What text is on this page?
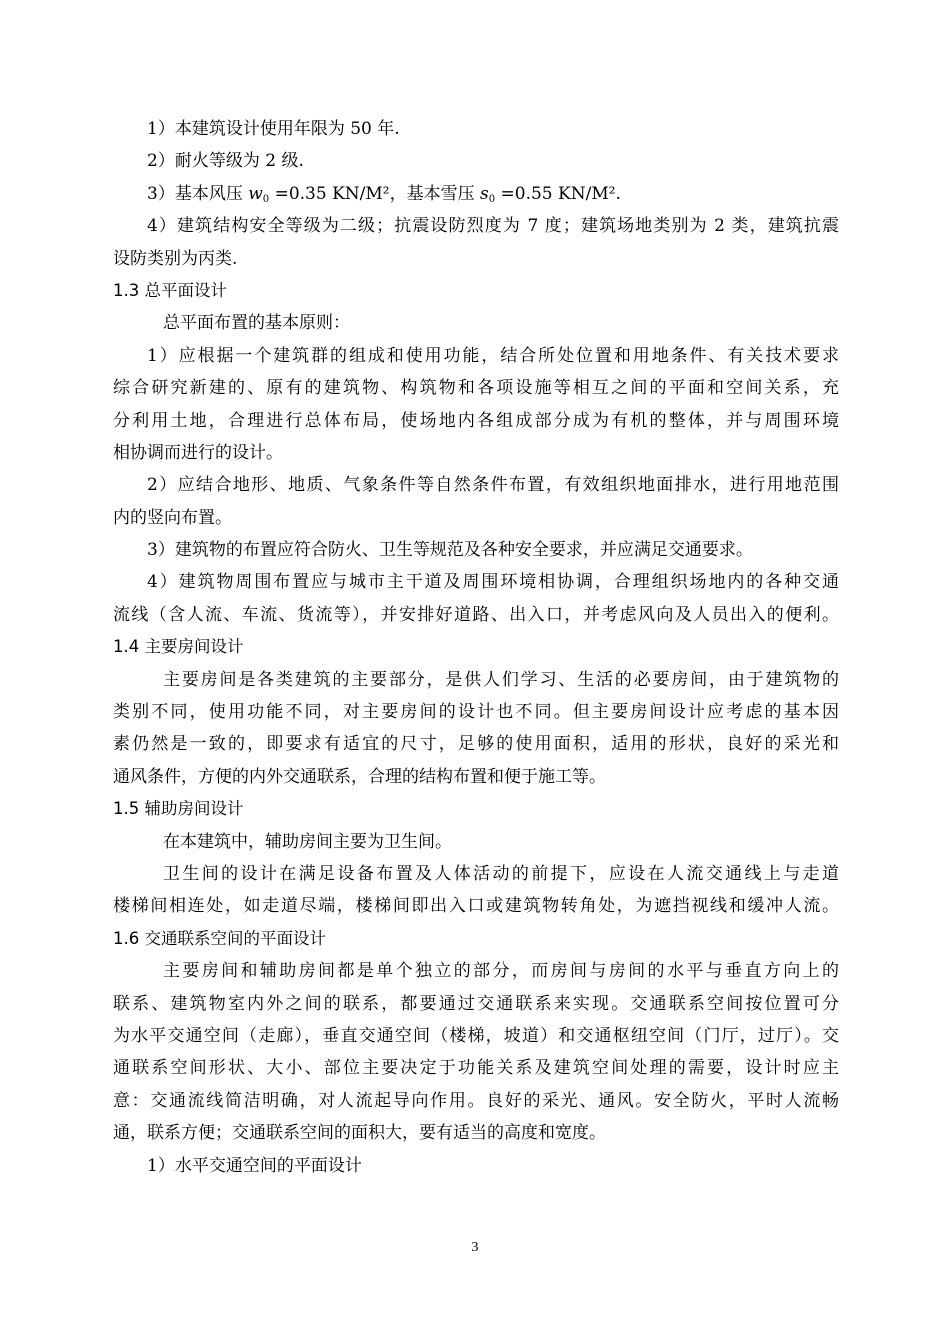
1）本建筑设计使用年限为 50 年.
2）耐火等级为 2 级.
3）基本风压 $w_0 =0.35$ KN/M²，基本雪压 $s_0 =0.55$ KN/M².
4）建筑结构安全等级为二级；抗震设防烈度为 7 度；建筑场地类别为 2 类，建筑抗震
设防类别为丙类.
1.3 总平面设计
总平面布置的基本原则：
1）应根据一个建筑群的组成和使用功能，结合所处位置和用地条件、有关技术要求
综合研究新建的、原有的建筑物、构筑物和各项设施等相互之间的平面和空间关系，充
分利用土地，合理进行总体布局，使场地内各组成部分成为有机的整体，并与周围环境
相协调而进行的设计。
2）应结合地形、地质、气象条件等自然条件布置，有效组织地面排水，进行用地范围
内的竖向布置。
3）建筑物的布置应符合防火、卫生等规范及各种安全要求，并应满足交通要求。
4）建筑物周围布置应与城市主干道及周围环境相协调，合理组织场地内的各种交通
流线（含人流、车流、货流等），并安排好道路、出入口，并考虑风向及人员出入的便利。
1.4 主要房间设计
主要房间是各类建筑的主要部分，是供人们学习、生活的必要房间，由于建筑物的
类别不同，使用功能不同，对主要房间的设计也不同。但主要房间设计应考虑的基本因
素仍然是一致的，即要求有适宜的尺寸，足够的使用面积，适用的形状，良好的采光和
通风条件，方便的内外交通联系，合理的结构布置和便于施工等。
1.5 辅助房间设计
在本建筑中，辅助房间主要为卫生间。
卫生间的设计在满足设备布置及人体活动的前提下，应设在人流交通线上与走道
楼梯间相连处，如走道尽端，楼梯间即出入口或建筑物转角处，为遮挡视线和缓冲人流。
1.6 交通联系空间的平面设计
主要房间和辅助房间都是单个独立的部分，而房间与房间的水平与垂直方向上的
联系、建筑物室内外之间的联系，都要通过交通联系来实现。交通联系空间按位置可分
为水平交通空间（走廊），垂直交通空间（楼梯，坡道）和交通枢纽空间（门厅，过厅）。交
通联系空间形状、大小、部位主要决定于功能关系及建筑空间处理的需要，设计时应主
意：交通流线简洁明确，对人流起导向作用。良好的采光、通风。安全防火，平时人流畅
通，联系方便；交通联系空间的面积大，要有适当的高度和宽度。
1）水平交通空间的平面设计
3
